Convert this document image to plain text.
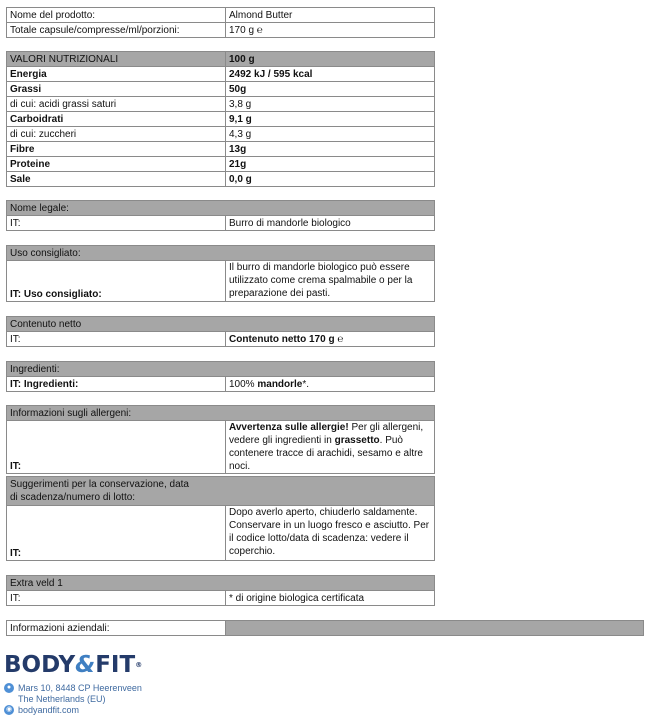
Nome del prodotto:	Almond Butter
Totale capsule/compresse/ml/porzioni:	170 g ℮
VALORI NUTRIZIONALI	100 g
Energia	2492 kJ / 595 kcal
Grassi	50g
di cui: acidi grassi saturi	3,8 g
Carboidrati	9,1 g
di cui: zuccheri	4,3 g
Fibre	13g
Proteine	21g
Sale	0,0 g
Nome legale:
IT:	Burro di mandorle biologico
Uso consigliato:
IT: Uso consigliato:	Il burro di mandorle biologico può essere utilizzato come crema spalmabile o per la preparazione dei pasti.
Contenuto netto
IT:	Contenuto netto 170 g ℮
Ingredienti:
IT: Ingredienti:	100% mandorle*.
Informazioni sugli allergeni:
IT:	Avvertenza sulle allergie! Per gli allergeni, vedere gli ingredienti in grassetto. Può contenere tracce di arachidi, sesamo e altre noci.
Suggerimenti per la conservazione, data di scadenza/numero di lotto:
IT:	Dopo averlo aperto, chiuderlo saldamente. Conservare in un luogo fresco e asciutto. Per il codice lotto/data di scadenza: vedere il coperchio.
Extra veld 1
IT:	* di origine biologica certificata
Informazioni aziendali:	
BODY&FIT®
● Mars 10, 8448 CP Heerenveen
The Netherlands (EU)
◉ bodyandfit.com
